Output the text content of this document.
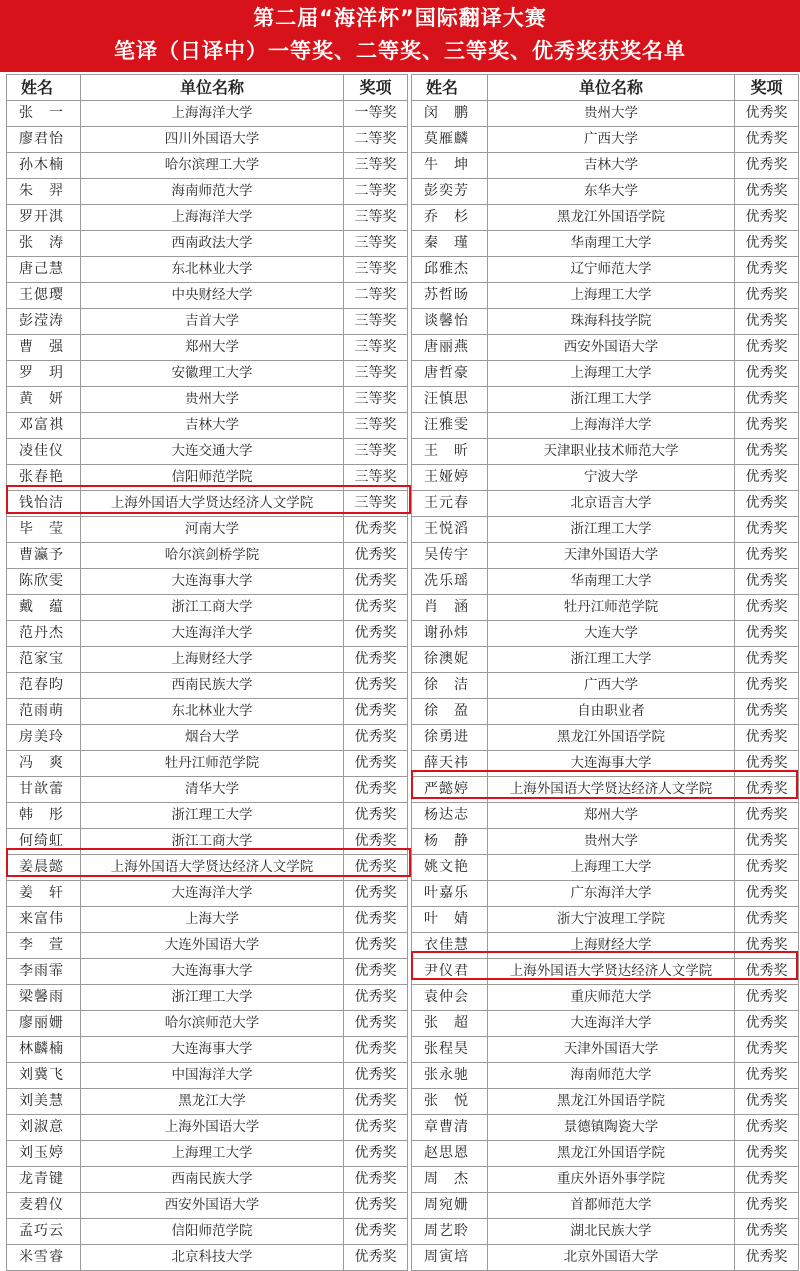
第二届“海洋杯”国际翻译大赛
笔译（日译中）一等奖、二等奖、三等奖、优秀奖获奖名单
姓名	单位名称	奖项		姓名	单位名称	奖项
张　一	上海海洋大学	一等奖		闵　鹏	贵州大学	优秀奖
廖君怡	四川外国语大学	二等奖		莫雁麟	广西大学	优秀奖
孙木楠	哈尔滨理工大学	三等奖		牛　坤	吉林大学	优秀奖
朱　羿	海南师范大学	二等奖		彭奕芳	东华大学	优秀奖
罗开淇	上海海洋大学	三等奖		乔　杉	黑龙江外国语学院	优秀奖
张　涛	西南政法大学	三等奖		秦　瑾	华南理工大学	优秀奖
唐己慧	东北林业大学	三等奖		邱雅杰	辽宁师范大学	优秀奖
王偲璎	中央财经大学	二等奖		苏哲旸	上海理工大学	优秀奖
彭滢涛	吉首大学	三等奖		谈馨怡	珠海科技学院	优秀奖
曹　强	郑州大学	三等奖		唐丽燕	西安外国语大学	优秀奖
罗　玥	安徽理工大学	三等奖		唐哲豪	上海理工大学	优秀奖
黄　妍	贵州大学	三等奖		汪慎思	浙江理工大学	优秀奖
邓富祺	吉林大学	三等奖		汪雅雯	上海海洋大学	优秀奖
凌佳仪	大连交通大学	三等奖		王　昕	天津职业技术师范大学	优秀奖
张春艳	信阳师范学院	三等奖		王娅婷	宁波大学	优秀奖
钱怡洁	上海外国语大学贤达经济人文学院	三等奖		王元春	北京语言大学	优秀奖
毕　莹	河南大学	优秀奖		王悦滔	浙江理工大学	优秀奖
曹瀛予	哈尔滨剑桥学院	优秀奖		吴传宇	天津外国语大学	优秀奖
陈欣雯	大连海事大学	优秀奖		冼乐瑶	华南理工大学	优秀奖
戴　蕴	浙江工商大学	优秀奖		肖　涵	牡丹江师范学院	优秀奖
范丹杰	大连海洋大学	优秀奖		谢孙炜	大连大学	优秀奖
范家宝	上海财经大学	优秀奖		徐澳妮	浙江理工大学	优秀奖
范春昀	西南民族大学	优秀奖		徐　洁	广西大学	优秀奖
范雨萌	东北林业大学	优秀奖		徐　盈	自由职业者	优秀奖
房美玲	烟台大学	优秀奖		徐勇进	黑龙江外国语学院	优秀奖
冯　爽	牡丹江师范学院	优秀奖		薛天祎	大连海事大学	优秀奖
甘歆蕾	清华大学	优秀奖		严懿婷	上海外国语大学贤达经济人文学院	优秀奖
韩　彤	浙江理工大学	优秀奖		杨达志	郑州大学	优秀奖
何绮虹	浙江工商大学	优秀奖		杨　静	贵州大学	优秀奖
姜晨懿	上海外国语大学贤达经济人文学院	优秀奖		姚文艳	上海理工大学	优秀奖
姜　轩	大连海洋大学	优秀奖		叶嘉乐	广东海洋大学	优秀奖
来富伟	上海大学	优秀奖		叶　婧	浙大宁波理工学院	优秀奖
李　萱	大连外国语大学	优秀奖		衣佳慧	上海财经大学	优秀奖
李雨霏	大连海事大学	优秀奖		尹仪君	上海外国语大学贤达经济人文学院	优秀奖
梁馨雨	浙江理工大学	优秀奖		袁仲会	重庆师范大学	优秀奖
廖丽姗	哈尔滨师范大学	优秀奖		张　超	大连海洋大学	优秀奖
林麟楠	大连海事大学	优秀奖		张程昊	天津外国语大学	优秀奖
刘冀飞	中国海洋大学	优秀奖		张永驰	海南师范大学	优秀奖
刘美慧	黑龙江大学	优秀奖		张　悦	黑龙江外国语学院	优秀奖
刘淑意	上海外国语大学	优秀奖		章曹清	景德镇陶瓷大学	优秀奖
刘玉婷	上海理工大学	优秀奖		赵思恩	黑龙江外国语学院	优秀奖
龙青键	西南民族大学	优秀奖		周　杰	重庆外语外事学院	优秀奖
麦碧仪	西安外国语大学	优秀奖		周宛姗	首都师范大学	优秀奖
孟巧云	信阳师范学院	优秀奖		周艺聆	湖北民族大学	优秀奖
米雪睿	北京科技大学	优秀奖		周寅培	北京外国语大学	优秀奖
